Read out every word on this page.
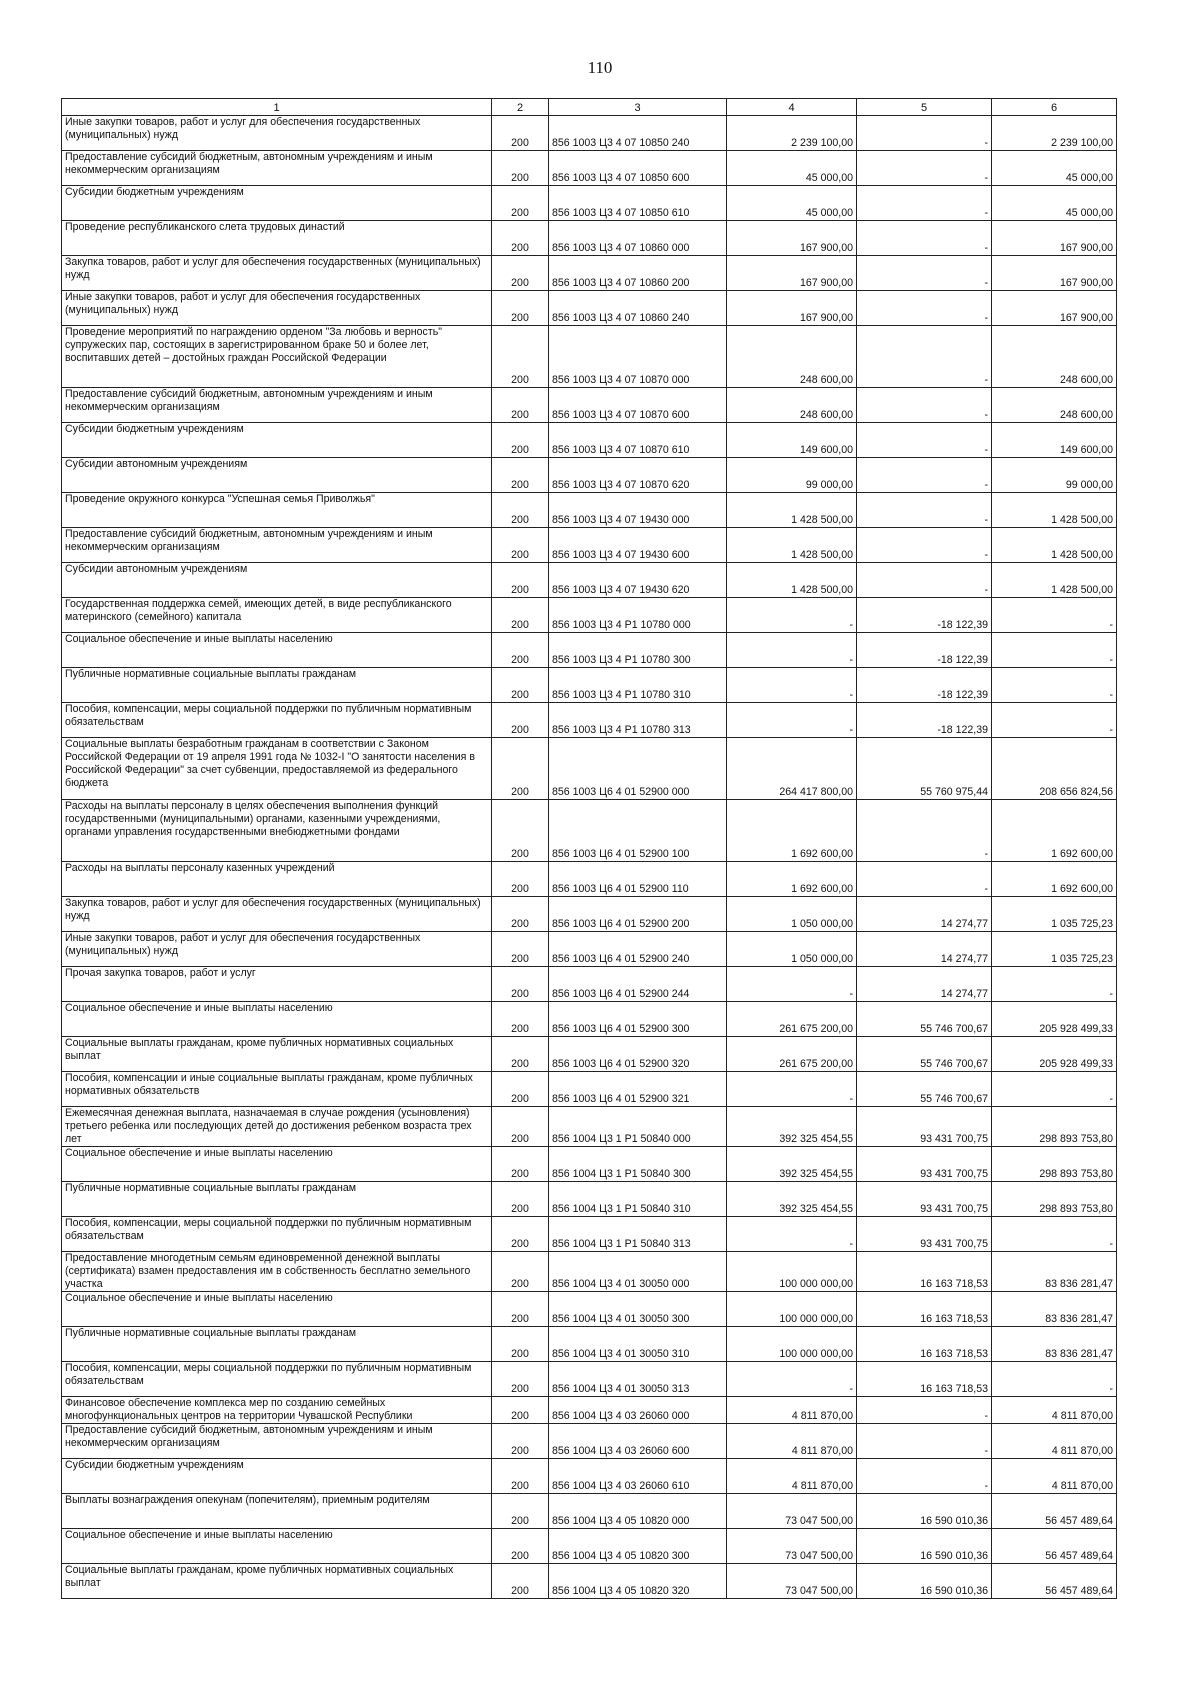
110
1	2	3	4	5	6
Иные закупки товаров, работ и услуг для обеспечения государственных (муниципальных) нужд	200	856 1003 Ц3 4 07 10850 240	2 239 100,00	-	2 239 100,00
Предоставление субсидий бюджетным, автономным учреждениям и иным некоммерческим организациям	200	856 1003 Ц3 4 07 10850 600	45 000,00	-	45 000,00
Субсидии бюджетным учреждениям	200	856 1003 Ц3 4 07 10850 610	45 000,00	-	45 000,00
Проведение республиканского слета трудовых династий	200	856 1003 Ц3 4 07 10860 000	167 900,00	-	167 900,00
Закупка товаров, работ и услуг для обеспечения государственных (муниципальных) нужд	200	856 1003 Ц3 4 07 10860 200	167 900,00	-	167 900,00
Иные закупки товаров, работ и услуг для обеспечения государственных (муниципальных) нужд	200	856 1003 Ц3 4 07 10860 240	167 900,00	-	167 900,00
Проведение мероприятий по награждению орденом "За любовь и верность" супружеских пар, состоящих в зарегистрированном браке 50 и более лет, воспитавших детей – достойных граждан Российской Федерации	200	856 1003 Ц3 4 07 10870 000	248 600,00	-	248 600,00
Предоставление субсидий бюджетным, автономным учреждениям и иным некоммерческим организациям	200	856 1003 Ц3 4 07 10870 600	248 600,00	-	248 600,00
Субсидии бюджетным учреждениям	200	856 1003 Ц3 4 07 10870 610	149 600,00	-	149 600,00
Субсидии автономным учреждениям	200	856 1003 Ц3 4 07 10870 620	99 000,00	-	99 000,00
Проведение окружного конкурса "Успешная семья Приволжья"	200	856 1003 Ц3 4 07 19430 000	1 428 500,00	-	1 428 500,00
Предоставление субсидий бюджетным, автономным учреждениям и иным некоммерческим организациям	200	856 1003 Ц3 4 07 19430 600	1 428 500,00	-	1 428 500,00
Субсидии автономным учреждениям	200	856 1003 Ц3 4 07 19430 620	1 428 500,00	-	1 428 500,00
Государственная поддержка семей, имеющих детей, в виде республиканского материнского (семейного) капитала	200	856 1003 Ц3 4 Р1 10780 000	-	-18 122,39	-
Социальное обеспечение и иные выплаты населению	200	856 1003 Ц3 4 Р1 10780 300	-	-18 122,39	-
Публичные нормативные социальные выплаты гражданам	200	856 1003 Ц3 4 Р1 10780 310	-	-18 122,39	-
Пособия, компенсации, меры социальной поддержки по публичным нормативным обязательствам	200	856 1003 Ц3 4 Р1 10780 313	-	-18 122,39	-
Социальные выплаты безработным гражданам в соответствии с Законом Российской Федерации от 19 апреля 1991 года № 1032-I "О занятости населения в Российской Федерации" за счет субвенции, предоставляемой из федерального бюджета	200	856 1003 Ц6 4 01 52900 000	264 417 800,00	55 760 975,44	208 656 824,56
Расходы на выплаты персоналу в целях обеспечения выполнения функций государственными (муниципальными) органами, казенными учреждениями, органами управления государственными внебюджетными фондами	200	856 1003 Ц6 4 01 52900 100	1 692 600,00	-	1 692 600,00
Расходы на выплаты персоналу казенных учреждений	200	856 1003 Ц6 4 01 52900 110	1 692 600,00	-	1 692 600,00
Закупка товаров, работ и услуг для обеспечения государственных (муниципальных) нужд	200	856 1003 Ц6 4 01 52900 200	1 050 000,00	14 274,77	1 035 725,23
Иные закупки товаров, работ и услуг для обеспечения государственных (муниципальных) нужд	200	856 1003 Ц6 4 01 52900 240	1 050 000,00	14 274,77	1 035 725,23
Прочая закупка товаров, работ и услуг	200	856 1003 Ц6 4 01 52900 244	-	14 274,77	-
Социальное обеспечение и иные выплаты населению	200	856 1003 Ц6 4 01 52900 300	261 675 200,00	55 746 700,67	205 928 499,33
Социальные выплаты гражданам, кроме публичных нормативных социальных выплат	200	856 1003 Ц6 4 01 52900 320	261 675 200,00	55 746 700,67	205 928 499,33
Пособия, компенсации и иные социальные выплаты гражданам, кроме публичных нормативных обязательств	200	856 1003 Ц6 4 01 52900 321	-	55 746 700,67	-
Ежемесячная денежная выплата, назначаемая в случае рождения (усыновления) третьего ребенка или последующих детей до достижения ребенком возраста трех лет	200	856 1004 Ц3 1 Р1 50840 000	392 325 454,55	93 431 700,75	298 893 753,80
Социальное обеспечение и иные выплаты населению	200	856 1004 Ц3 1 Р1 50840 300	392 325 454,55	93 431 700,75	298 893 753,80
Публичные нормативные социальные выплаты гражданам	200	856 1004 Ц3 1 Р1 50840 310	392 325 454,55	93 431 700,75	298 893 753,80
Пособия, компенсации, меры социальной поддержки по публичным нормативным обязательствам	200	856 1004 Ц3 1 Р1 50840 313	-	93 431 700,75	-
Предоставление многодетным семьям единовременной денежной выплаты (сертификата) взамен предоставления им в собственность бесплатно земельного участка	200	856 1004 Ц3 4 01 30050 000	100 000 000,00	16 163 718,53	83 836 281,47
Социальное обеспечение и иные выплаты населению	200	856 1004 Ц3 4 01 30050 300	100 000 000,00	16 163 718,53	83 836 281,47
Публичные нормативные социальные выплаты гражданам	200	856 1004 Ц3 4 01 30050 310	100 000 000,00	16 163 718,53	83 836 281,47
Пособия, компенсации, меры социальной поддержки по публичным нормативным обязательствам	200	856 1004 Ц3 4 01 30050 313	-	16 163 718,53	-
Финансовое обеспечение комплекса мер по созданию семейных многофункциональных центров на территории Чувашской Республики	200	856 1004 Ц3 4 03 26060 000	4 811 870,00	-	4 811 870,00
Предоставление субсидий бюджетным, автономным учреждениям и иным некоммерческим организациям	200	856 1004 Ц3 4 03 26060 600	4 811 870,00	-	4 811 870,00
Субсидии бюджетным учреждениям	200	856 1004 Ц3 4 03 26060 610	4 811 870,00	-	4 811 870,00
Выплаты вознаграждения опекунам (попечителям), приемным родителям	200	856 1004 Ц3 4 05 10820 000	73 047 500,00	16 590 010,36	56 457 489,64
Социальное обеспечение и иные выплаты населению	200	856 1004 Ц3 4 05 10820 300	73 047 500,00	16 590 010,36	56 457 489,64
Социальные выплаты гражданам, кроме публичных нормативных социальных выплат	200	856 1004 Ц3 4 05 10820 320	73 047 500,00	16 590 010,36	56 457 489,64
